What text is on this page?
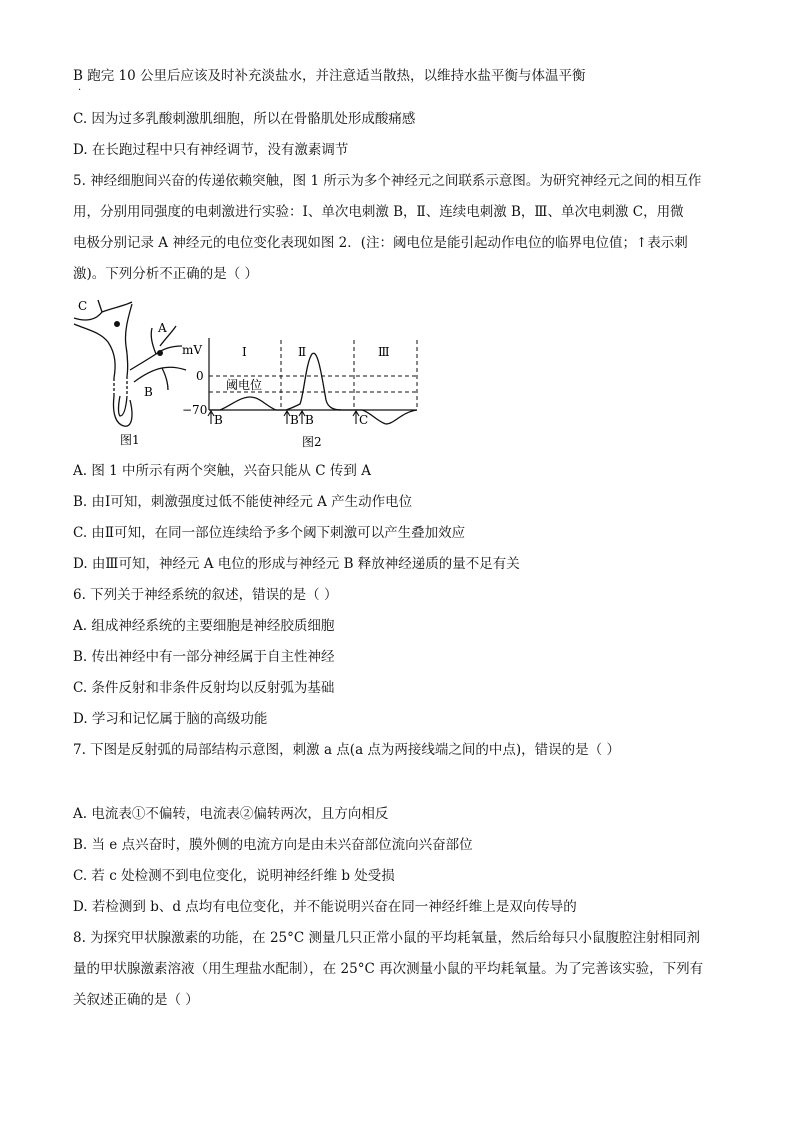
B 跑完 10 公里后应该及时补充淡盐水，并注意适当散热，以维持水盐平衡与体温平衡
·
C. 因为过多乳酸刺激肌细胞，所以在骨骼肌处形成酸痛感
D. 在长跑过程中只有神经调节，没有激素调节
5. 神经细胞间兴奋的传递依赖突触，图 1 所示为多个神经元之间联系示意图。为研究神经元之间的相互作
用，分别用同强度的电刺激进行实验：Ⅰ、单次电刺激 B，Ⅱ、连续电刺激 B，Ⅲ、单次电刺激 C，用微
电极分别记录 A 神经元的电位变化表现如图 2．(注：阈电位是能引起动作电位的临界电位值；↑表示刺
激)。下列分析不正确的是（ ）
C
A
B
图1
mV
0
−70
阈电位
Ⅰ	Ⅱ	Ⅲ
B	B B	C
图2
A. 图 1 中所示有两个突触，兴奋只能从 C 传到 A
B. 由Ⅰ可知，刺激强度过低不能使神经元 A 产生动作电位
C. 由Ⅱ可知，在同一部位连续给予多个阈下刺激可以产生叠加效应
D. 由Ⅲ可知，神经元 A 电位的形成与神经元 B 释放神经递质的量不足有关
6. 下列关于神经系统的叙述，错误的是（ ）
A. 组成神经系统的主要细胞是神经胶质细胞
B. 传出神经中有一部分神经属于自主性神经
C. 条件反射和非条件反射均以反射弧为基础
D. 学习和记忆属于脑的高级功能
7. 下图是反射弧的局部结构示意图，刺激 a 点(a 点为两接线端之间的中点)，错误的是（ ）
A. 电流表①不偏转，电流表②偏转两次，且方向相反
B. 当 e 点兴奋时，膜外侧的电流方向是由未兴奋部位流向兴奋部位
C. 若 c 处检测不到电位变化，说明神经纤维 b 处受损
D. 若检测到 b、d 点均有电位变化，并不能说明兴奋在同一神经纤维上是双向传导的
8. 为探究甲状腺激素的功能，在 25°C 测量几只正常小鼠的平均耗氧量，然后给每只小鼠腹腔注射相同剂
量的甲状腺激素溶液（用生理盐水配制），在 25°C 再次测量小鼠的平均耗氧量。为了完善该实验，下列有
关叙述正确的是（ ）
